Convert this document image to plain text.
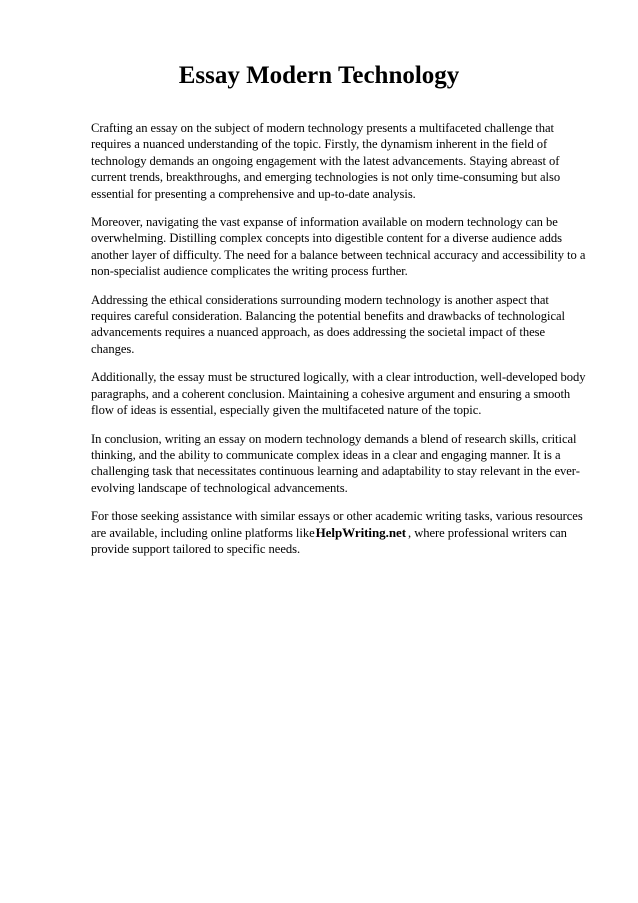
Essay Modern Technology

Crafting an essay on the subject of modern technology presents a multifaceted challenge that requires a nuanced understanding of the topic. Firstly, the dynamism inherent in the field of technology demands an ongoing engagement with the latest advancements. Staying abreast of current trends, breakthroughs, and emerging technologies is not only time-consuming but also essential for presenting a comprehensive and up-to-date analysis.

Moreover, navigating the vast expanse of information available on modern technology can be overwhelming. Distilling complex concepts into digestible content for a diverse audience adds another layer of difficulty. The need for a balance between technical accuracy and accessibility to a non-specialist audience complicates the writing process further.

Addressing the ethical considerations surrounding modern technology is another aspect that requires careful consideration. Balancing the potential benefits and drawbacks of technological advancements requires a nuanced approach, as does addressing the societal impact of these changes.

Additionally, the essay must be structured logically, with a clear introduction, well-developed body paragraphs, and a coherent conclusion. Maintaining a cohesive argument and ensuring a smooth flow of ideas is essential, especially given the multifaceted nature of the topic.

In conclusion, writing an essay on modern technology demands a blend of research skills, critical thinking, and the ability to communicate complex ideas in a clear and engaging manner. It is a challenging task that necessitates continuous learning and adaptability to stay relevant in the ever-evolving landscape of technological advancements.

For those seeking assistance with similar essays or other academic writing tasks, various resources are available, including online platforms likeHelpWriting.net , where professional writers can provide support tailored to specific needs.
